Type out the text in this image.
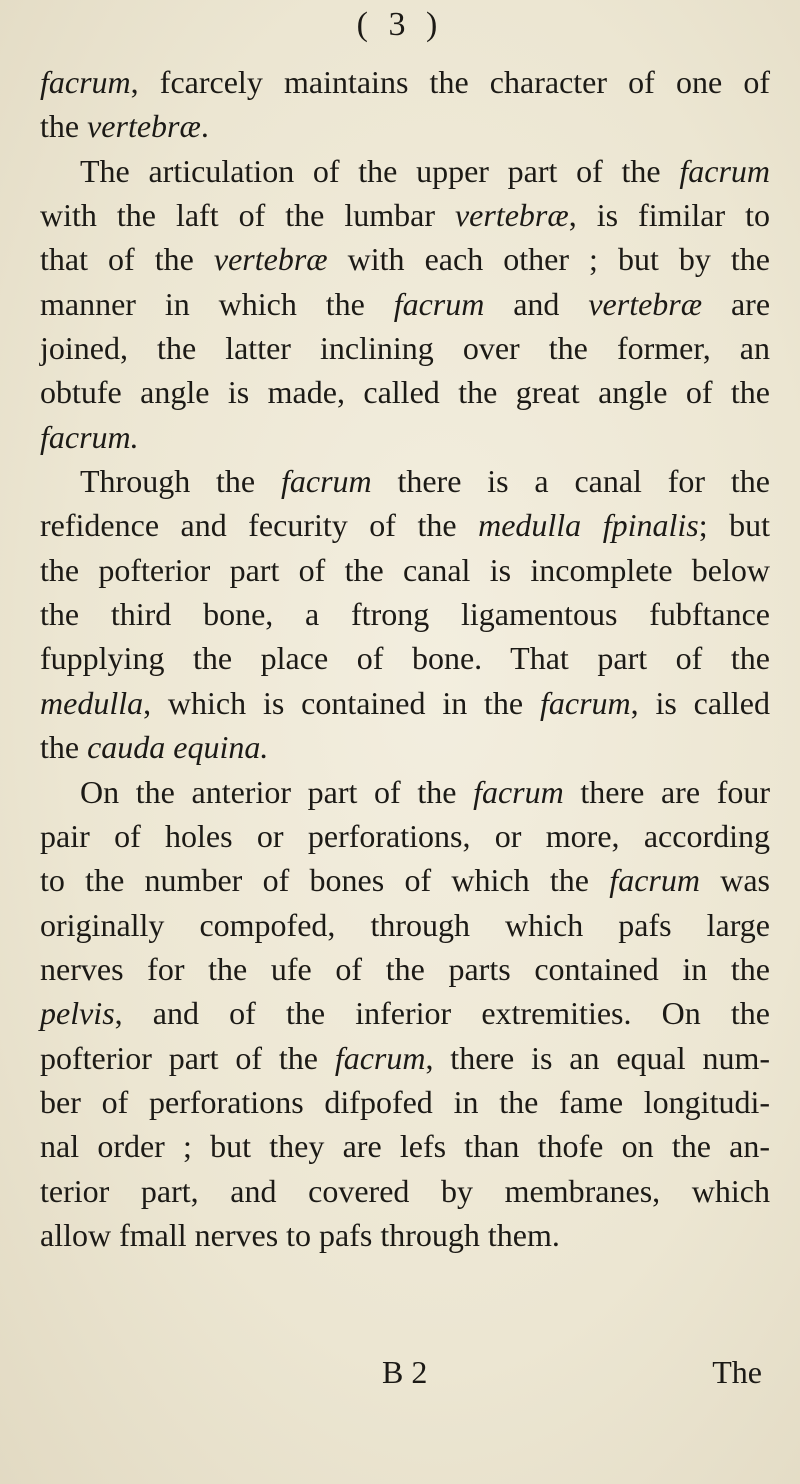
( 3 )
facrum, fcarcely maintains the character of one of
the vertebræ.
The articulation of the upper part of the facrum
with the laft of the lumbar vertebræ, is fimilar to
that of the vertebræ with each other ; but by the
manner in which the facrum and vertebræ are
joined, the latter inclining over the former, an
obtufe angle is made, called the great angle of the
facrum.
Through the facrum there is a canal for the
refidence and fecurity of the medulla fpinalis; but
the pofterior part of the canal is incomplete below
the third bone, a ftrong ligamentous fubftance
fupplying the place of bone. That part of the
medulla, which is contained in the facrum, is called
the cauda equina.
On the anterior part of the facrum there are four
pair of holes or perforations, or more, according
to the number of bones of which the facrum was
originally compofed, through which pafs large
nerves for the ufe of the parts contained in the
pelvis, and of the inferior extremities. On the
pofterior part of the facrum, there is an equal num-
ber of perforations difpofed in the fame longitudi-
nal order ; but they are lefs than thofe on the an-
terior part, and covered by membranes, which
allow fmall nerves to pafs through them.
B 2	The
